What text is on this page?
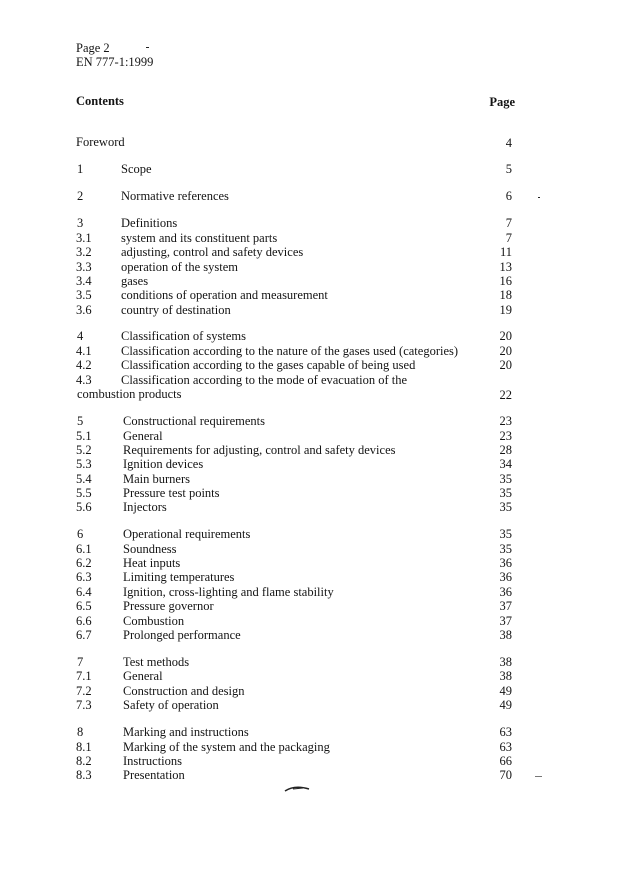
Page 2
EN 777-1:1999
Contents	Page
Foreword	4
1	Scope	5
2	Normative references	6
3	Definitions	7
3.1 system and its constituent parts	7
3.2 adjusting, control and safety devices	11
3.3 operation of the system	13
3.4 gases	16
3.5 conditions of operation and measurement	18
3.6 country of destination	19
4	Classification of systems	20
4.1 Classification according to the nature of the gases used (categories)	20
4.2 Classification according to the gases capable of being used	20
4.3 Classification according to the mode of evacuation of the
combustion products	22
5	Constructional requirements	23
5.1	General	23
5.2	Requirements for adjusting, control and safety devices	28
5.3	Ignition devices	34
5.4	Main burners	35
5.5	Pressure test points	35
5.6	Injectors	35
6	Operational requirements	35
6.1	Soundness	35
6.2	Heat inputs	36
6.3	Limiting temperatures	36
6.4	Ignition, cross-lighting and flame stability	36
6.5	Pressure governor	37
6.6	Combustion	37
6.7	Prolonged performance	38
7	Test methods	38
7.1	General	38
7.2	Construction and design	49
7.3	Safety of operation	49
8	Marking and instructions	63
8.1	Marking of the system and the packaging	63
8.2	Instructions	66
8.3	Presentation	70
